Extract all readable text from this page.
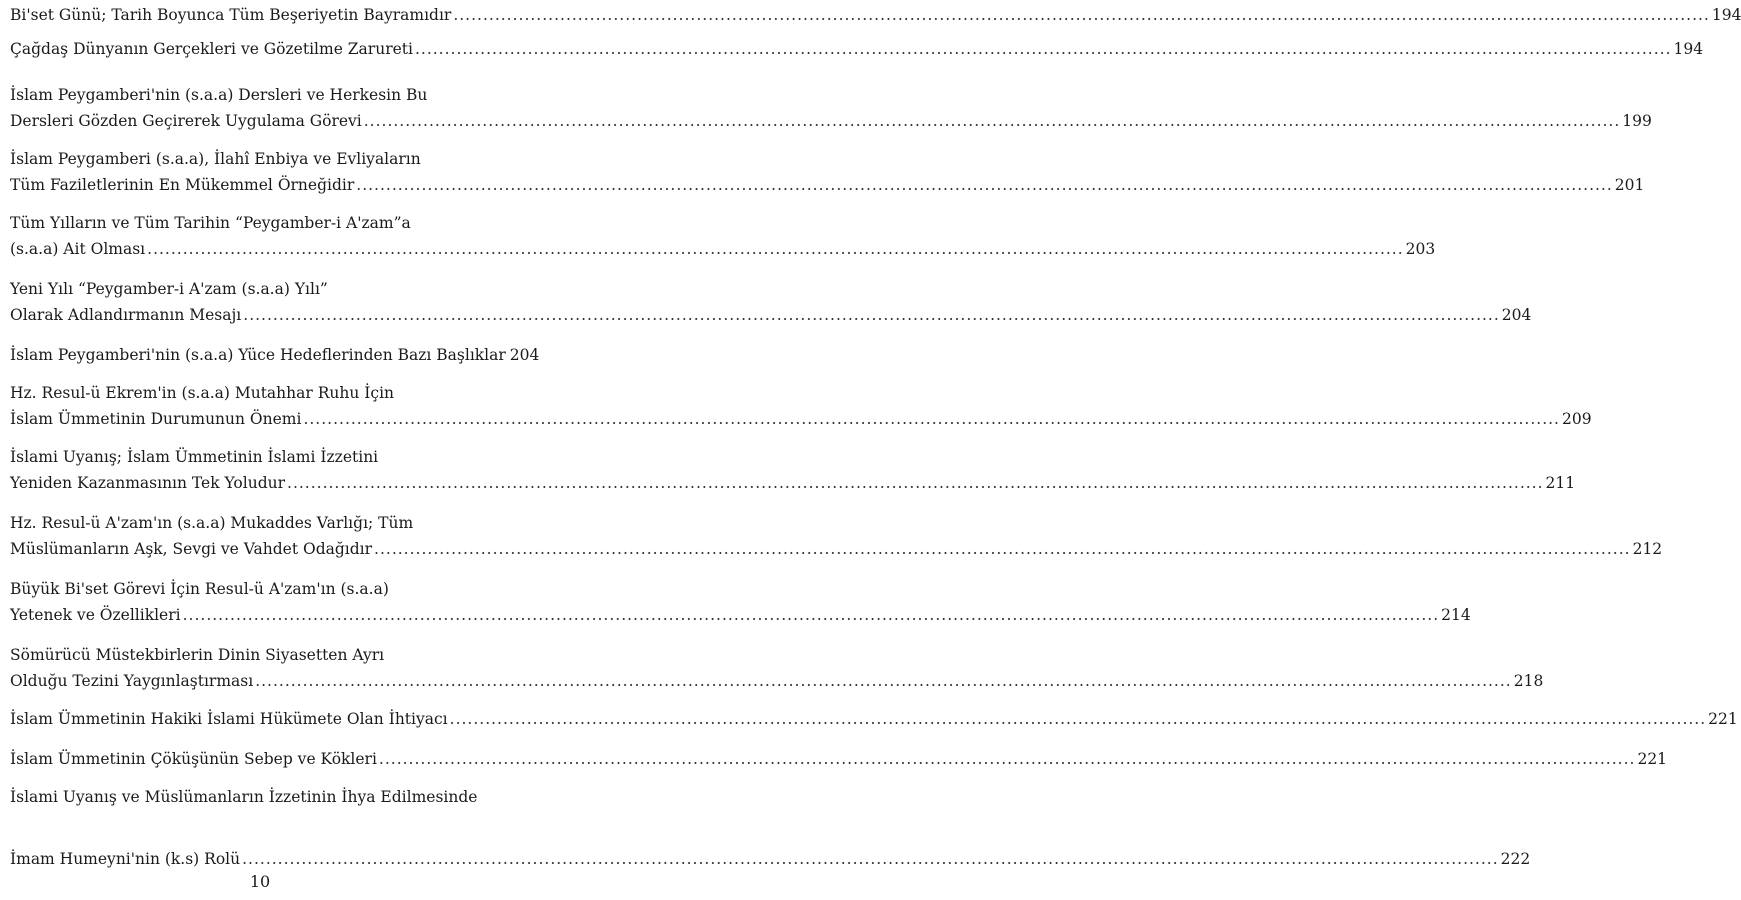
Bi'set Günü; Tarih Boyunca Tüm Beşeriyetin Bayramıdır .....	194
Çağdaş Dünyanın Gerçekleri ve Gözetilme Zarureti .....	194
İslam Peygamberi'nin (s.a.a) Dersleri ve Herkesin Bu
Dersleri Gözden Geçirerek Uygulama Görevi .....	199
İslam Peygamberi (s.a.a), İlahî Enbiya ve Evliyaların
Tüm Faziletlerinin En Mükemmel Örneğidir .....	201
Tüm Yılların ve Tüm Tarihin “Peygamber-i A'zam”a
(s.a.a) Ait Olması .....	203
Yeni Yılı “Peygamber-i A'zam (s.a.a) Yılı”
Olarak Adlandırmanın Mesajı .....	204
İslam Peygamberi'nin (s.a.a) Yüce Hedeflerinden Bazı Başlıklar 204
Hz. Resul-ü Ekrem'in (s.a.a) Mutahhar Ruhu İçin
İslam Ümmetinin Durumunun Önemi .....	209
İslami Uyanış; İslam Ümmetinin İslami İzzetini
Yeniden Kazanmasının Tek Yoludur .....	211
Hz. Resul-ü A'zam'ın (s.a.a) Mukaddes Varlığı; Tüm
Müslümanların Aşk, Sevgi ve Vahdet Odağıdır .....	212
Büyük Bi'set Görevi İçin Resul-ü A'zam'ın (s.a.a)
Yetenek ve Özellikleri .....	214
Sömürücü Müstekbirlerin Dinin Siyasetten Ayrı
Olduğu Tezini Yaygınlaştırması .....	218
İslam Ümmetinin Hakiki İslami Hükümete Olan İhtiyacı .....	221
İslam Ümmetinin Çöküşünün Sebep ve Kökleri .....	221
İslami Uyanış ve Müslümanların İzzetinin İhya Edilmesinde
İmam Humeyni'nin (k.s) Rolü .....	222
10
